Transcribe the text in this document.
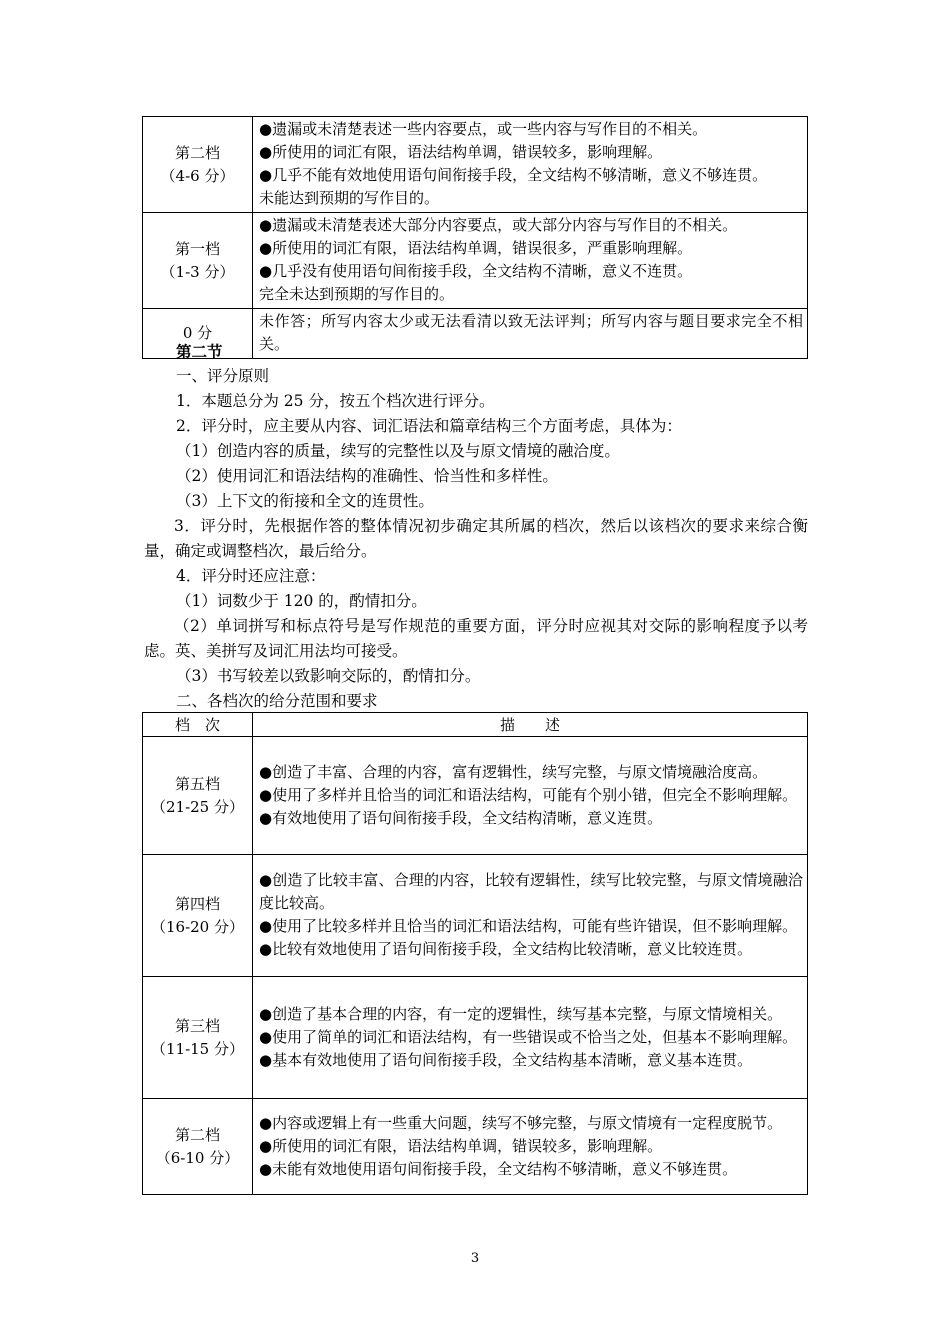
第二档
（4-6 分）	●遗漏或未清楚表述一些内容要点，或一些内容与写作目的不相关。
●所使用的词汇有限，语法结构单调，错误较多，影响理解。
●几乎不能有效地使用语句间衔接手段，全文结构不够清晰，意义不够连贯。
未能达到预期的写作目的。

第一档
（1-3 分）	●遗漏或未清楚表述大部分内容要点，或大部分内容与写作目的不相关。
●所使用的词汇有限，语法结构单调，错误很多，严重影响理解。
●几乎没有使用语句间衔接手段，全文结构不清晰，意义不连贯。
完全未达到预期的写作目的。

0 分	未作答；所写内容太少或无法看清以致无法评判；所写内容与题目要求完全不相关。

第二节

一、评分原则

1．本题总分为 25 分，按五个档次进行评分。

2．评分时，应主要从内容、词汇语法和篇章结构三个方面考虑，具体为：

（1）创造内容的质量，续写的完整性以及与原文情境的融洽度。

（2）使用词汇和语法结构的准确性、恰当性和多样性。

（3）上下文的衔接和全文的连贯性。

3．评分时，先根据作答的整体情况初步确定其所属的档次，然后以该档次的要求来综合衡量，确定或调整档次，最后给分。

4．评分时还应注意：

（1）词数少于 120 的，酌情扣分。

（2）单词拼写和标点符号是写作规范的重要方面，评分时应视其对交际的影响程度予以考虑。英、美拼写及词汇用法均可接受。

（3）书写较差以致影响交际的，酌情扣分。

二、各档次的给分范围和要求

档　次	描　　述

第五档
（21-25 分）	●创造了丰富、合理的内容，富有逻辑性，续写完整，与原文情境融洽度高。
●使用了多样并且恰当的词汇和语法结构，可能有个别小错，但完全不影响理解。
●有效地使用了语句间衔接手段，全文结构清晰，意义连贯。

第四档
（16-20 分）	●创造了比较丰富、合理的内容，比较有逻辑性，续写比较完整，与原文情境融洽度比较高。
●使用了比较多样并且恰当的词汇和语法结构，可能有些许错误，但不影响理解。
●比较有效地使用了语句间衔接手段，全文结构比较清晰，意义比较连贯。

第三档
（11-15 分）	●创造了基本合理的内容，有一定的逻辑性，续写基本完整，与原文情境相关。
●使用了简单的词汇和语法结构，有一些错误或不恰当之处，但基本不影响理解。
●基本有效地使用了语句间衔接手段，全文结构基本清晰，意义基本连贯。

第二档
（6-10 分）	●内容或逻辑上有一些重大问题，续写不够完整，与原文情境有一定程度脱节。
●所使用的词汇有限，语法结构单调，错误较多，影响理解。
●未能有效地使用语句间衔接手段，全文结构不够清晰，意义不够连贯。
3
